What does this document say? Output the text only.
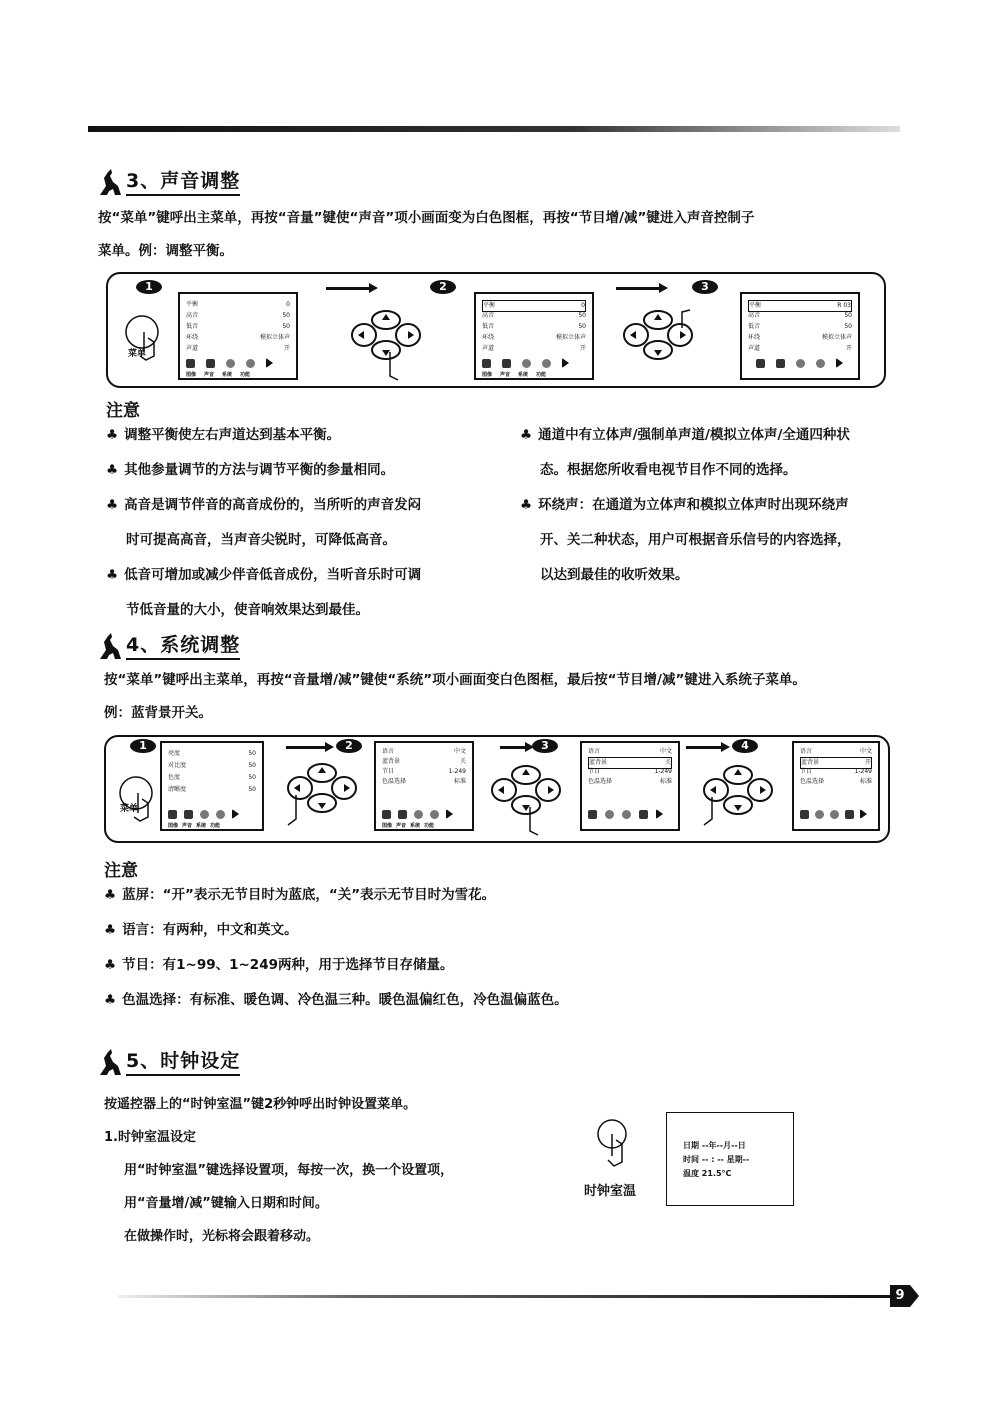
3、声音调整
按“菜单”键呼出主菜单，再按“音量”键使“声音”项小画面变为白色图框，再按“节目增/减”键进入声音控制子
菜单。例：调整平衡。
1	2	3
菜单
平衡	0
高音	50
低音	50
环绕	模拟立体声
声道	开
图像 声音 系统 功能
平衡	0
高音	50
低音	50
环绕	模拟立体声
声道	开
图像 声音 系统 功能
平衡	R 03
高音	50
低音	50
环绕	模拟立体声
声道	开
注意
♣ 调整平衡使左右声道达到基本平衡。
♣ 其他参量调节的方法与调节平衡的参量相同。
♣ 高音是调节伴音的高音成份的，当所听的声音发闷
时可提高高音，当声音尖锐时，可降低高音。
♣ 低音可增加或减少伴音低音成份，当听音乐时可调
节低音量的大小，使音响效果达到最佳。
♣ 通道中有立体声/强制单声道/模拟立体声/全通四种状
态。根据您所收看电视节目作不同的选择。
♣ 环绕声：在通道为立体声和模拟立体声时出现环绕声
开、关二种状态，用户可根据音乐信号的内容选择，
以达到最佳的收听效果。
4、系统调整
按“菜单”键呼出主菜单，再按“音量增/减”键使“系统”项小画面变白色图框，最后按“节目增/减”键进入系统子菜单。
例：蓝背景开关。
1	2	3	4
菜单
亮度	50
对比度	50
色度	50
清晰度	50
图像 声音 系统 功能
语言	中文
蓝背景	关
节目	1-249
色温选择	标准
图像 声音 系统 功能
语言	中文
蓝背景	关
节目	1-249
色温选择	标准
语言	中文
蓝背景	开
节目	1-249
色温选择	标准
注意
♣ 蓝屏：“开”表示无节目时为蓝底，“关”表示无节目时为雪花。
♣ 语言：有两种，中文和英文。
♣ 节目：有1~99、1~249两种，用于选择节目存储量。
♣ 色温选择：有标准、暖色调、冷色温三种。暖色温偏红色，冷色温偏蓝色。
5、时钟设定
按遥控器上的“时钟室温”键2秒钟呼出时钟设置菜单。
1.时钟室温设定
用“时钟室温”键选择设置项，每按一次，换一个设置项，
用“音量增/减”键输入日期和时间。
在做操作时，光标将会跟着移动。
时钟室温
日期 --年--月--日
时间 -- : -- 星期--
温度 21.5°C
9
